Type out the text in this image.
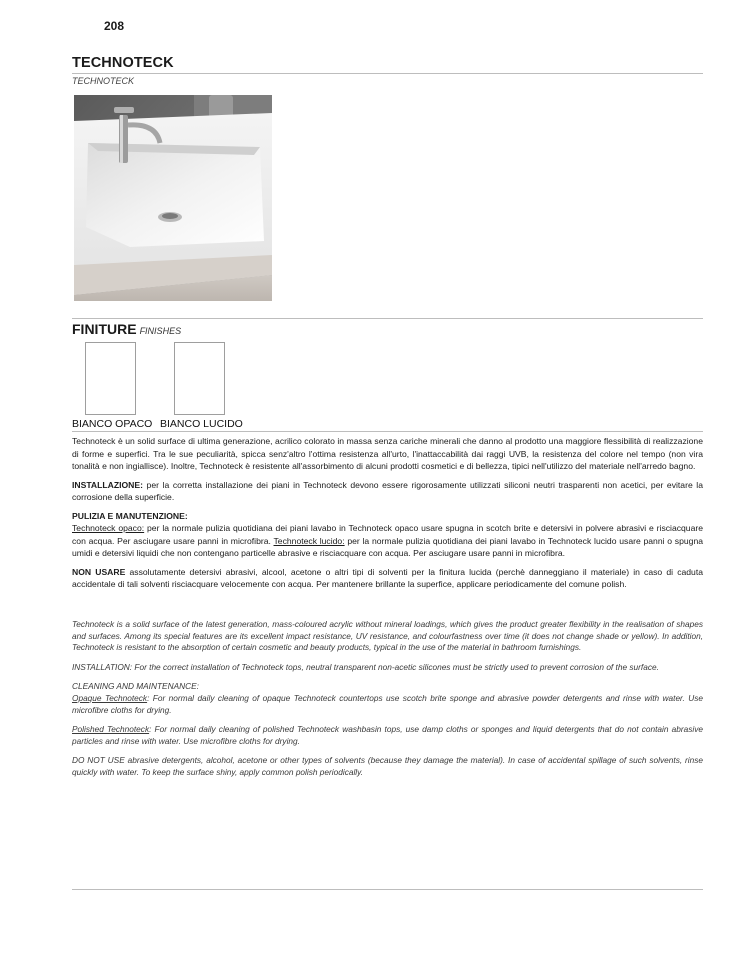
208
TECHNOTECK
TECHNOTECK
FINITURE FINISHES
BIANCO OPACO BIANCO LUCIDO

Technoteck è un solid surface di ultima generazione, acrilico colorato in massa senza cariche minerali che danno al prodotto una maggiore flessibilità di realizzazione di forme e superfici. Tra le sue peculiarità, spicca senz'altro l'ottima resistenza all'urto, l'inattaccabilità dai raggi UVB, la resistenza del colore nel tempo (non vira tonalità e non ingiallisce). Inoltre, Technoteck è resistente all'assorbimento di alcuni prodotti cosmetici e di bellezza, tipici nell'utilizzo del materiale nell'arredo bagno.

INSTALLAZIONE: per la corretta installazione dei piani in Technoteck devono essere rigorosamente utilizzati siliconi neutri trasparenti non acetici, per evitare la corrosione della superficie.

PULIZIA E MANUTENZIONE:

Technoteck opaco: per la normale pulizia quotidiana dei piani lavabo in Technoteck opaco usare spugna in scotch brite e detersivi in polvere abrasivi e risciacquare con acqua. Per asciugare usare panni in microfibra. Technoteck lucido: per la normale pulizia quotidiana dei piani lavabo in Technoteck lucido usare panni o spugna umidi e detersivi liquidi che non contengano particelle abrasive e risciacquare con acqua. Per asciugare usare panni in microfibra.

NON USARE assolutamente detersivi abrasivi, alcool, acetone o altri tipi di solventi per la finitura lucida (perchè danneggiano il materiale) in caso di caduta accidentale di tali solventi risciacquare velocemente con acqua. Per mantenere brillante la superfice, applicare periodicamente del comune polish.

Technoteck is a solid surface of the latest generation, mass-coloured acrylic without mineral loadings, which gives the product greater flexibility in the realisation of shapes and surfaces. Among its special features are its excellent impact resistance, UV resistance, and colourfastness over time (it does not change shade or yellow). In addition, Technoteck is resistant to the absorption of certain cosmetic and beauty products, typical in the use of the material in bathroom furnishings.

INSTALLATION: For the correct installation of Technoteck tops, neutral transparent non-acetic silicones must be strictly used to prevent corrosion of the surface.

CLEANING AND MAINTENANCE:

Opaque Technoteck: For normal daily cleaning of opaque Technoteck countertops use scotch brite sponge and abrasive powder detergents and rinse with water. Use microfibre cloths for drying.

Polished Technoteck: For normal daily cleaning of polished Technoteck washbasin tops, use damp cloths or sponges and liquid detergents that do not contain abrasive particles and rinse with water. Use microfibre cloths for drying.

DO NOT USE abrasive detergents, alcohol, acetone or other types of solvents (because they damage the material). In case of accidental spillage of such solvents, rinse quickly with water. To keep the surface shiny, apply common polish periodically.
